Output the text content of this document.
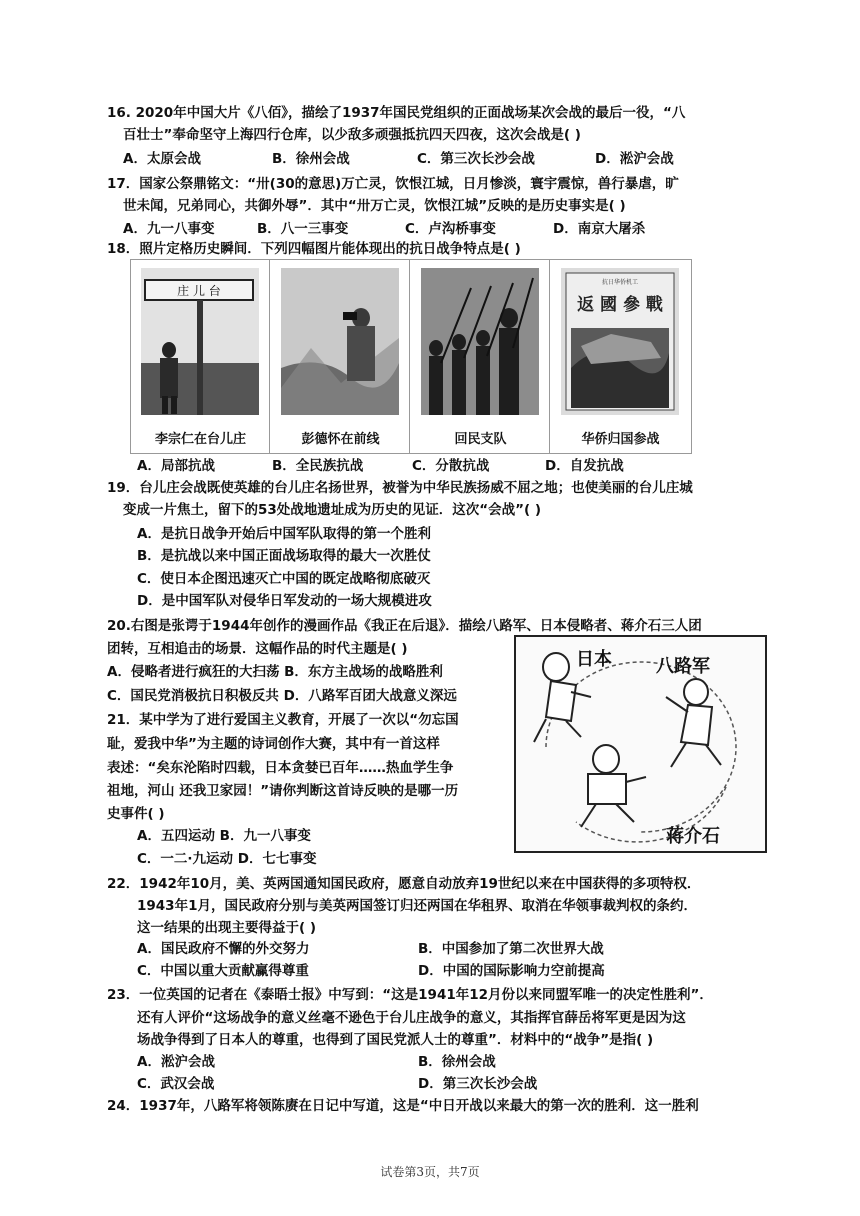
16. 2020年中国大片《八佰》，描绘了1937年国民党组织的正面战场某次会战的最后一役，“八
百壮士”奉命坚守上海四行仓库，以少敌多顽强抵抗四天四夜，这次会战是( )
A．太原会战	B．徐州会战	C．第三次长沙会战	D．淞沪会战
17．国家公祭鼎铭文：“卅(30的意思)万亡灵，饮恨江城，日月惨淡，寰宇震惊，兽行暴虐，旷
世未闻，兄弟同心，共御外辱”．其中“卅万亡灵，饮恨江城”反映的是历史事实是( )
A．九一八事变	B．八一三事变	C．卢沟桥事变	D．南京大屠杀
18．照片定格历史瞬间．下列四幅图片能体现出的抗日战争特点是( )
庄 儿 台
李宗仁在台儿庄	彭德怀在前线	回民支队
抗日华侨机工
返 國 參 戰
华侨归国参战
A．局部抗战	B．全民族抗战	C．分散抗战	D．自发抗战
19．台儿庄会战既使英雄的台儿庄名扬世界，被誉为中华民族扬威不屈之地；也使美丽的台儿庄城
变成一片焦土，留下的53处战地遗址成为历史的见证．这次“会战”( )
A．是抗日战争开始后中国军队取得的第一个胜利
B．是抗战以来中国正面战场取得的最大一次胜仗
C．使日本企图迅速灭亡中国的既定战略彻底破灭
D．是中国军队对侵华日军发动的一场大规模进攻
20.右图是张谔于1944年创作的漫画作品《我正在后退》．描绘八路军、日本侵略者、蒋介石三人团
团转，互相追击的场景．这幅作品的时代主题是( )
A．侵略者进行疯狂的大扫荡 B．东方主战场的战略胜利
C．国民党消极抗日积极反共 D．八路军百团大战意义深远
日本 八路军
蒋介石
21．某中学为了进行爱国主义教育，开展了一次以“勿忘国
耻，爱我中华”为主题的诗词创作大赛，其中有一首这样
表述：“矣东沦陷时四载，日本贪婪已百年……热血学生争
祖地，河山 还我卫家园！”请你判断这首诗反映的是哪一历
史事件( )
A．五四运动 B．九一八事变
C．一二·九运动 D．七七事变
22．1942年10月，美、英两国通知国民政府，愿意自动放弃19世纪以来在中国获得的多项特权．
1943年1月，国民政府分别与美英两国签订归还两国在华租界、取消在华领事裁判权的条约．
这一结果的出现主要得益于( )
A．国民政府不懈的外交努力	B．中国参加了第二次世界大战
C．中国以重大贡献赢得尊重	D．中国的国际影响力空前提高
23．一位英国的记者在《泰晤士报》中写到：“这是1941年12月份以来同盟军唯一的决定性胜利”．
还有人评价“这场战争的意义丝毫不逊色于台儿庄战争的意义，其指挥官薛岳将军更是因为这
场战争得到了日本人的尊重，也得到了国民党派人士的尊重”．材料中的“战争”是指( )
A．淞沪会战	B．徐州会战
C．武汉会战	D．第三次长沙会战
24．1937年，八路军将领陈赓在日记中写道，这是“中日开战以来最大的第一次的胜利．这一胜利
试卷第3页，共7页
